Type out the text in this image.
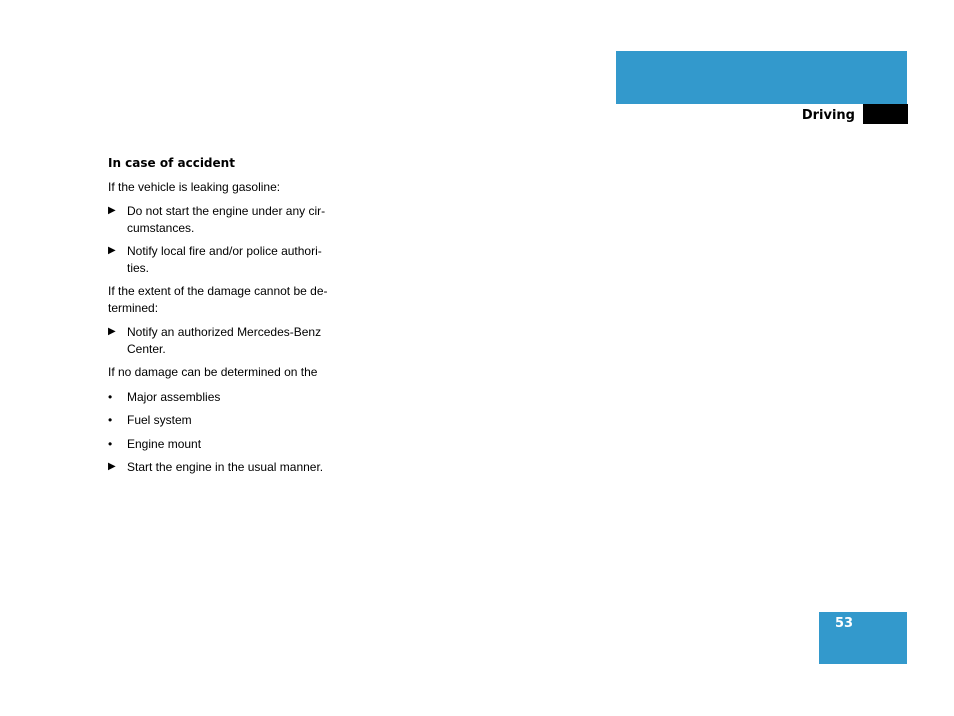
Getting started
Driving

In case of accident

If the vehicle is leaking gasoline:

▶ Do not start the engine under any cir-
cumstances.
▶ Notify local fire and/or police authori-
ties.

If the extent of the damage cannot be de-
termined:

▶ Notify an authorized Mercedes-Benz
Center.

If no damage can be determined on the

•	Major assemblies
•	Fuel system
•	Engine mount
▶ Start the engine in the usual manner.
53
